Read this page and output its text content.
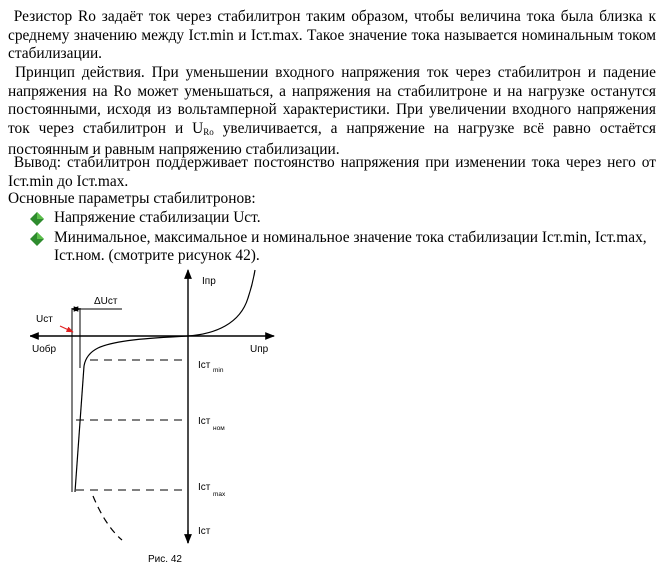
Резистор Ro задаёт ток через стабилитрон таким образом, чтобы величина тока была близка к среднему значению между Iст.min и Iст.max. Такое значение тока называется номинальным током стабилизации.

Принцип действия. При уменьшении входного напряжения ток через стабилитрон и падение напряжения на Ro может уменьшаться, а напряжения на стабилитроне и на нагрузке останутся постоянными, исходя из вольтамперной характеристики. При увеличении входного напряжения ток через стабилитрон и $U_{Ro}$ увеличивается, а напряжение на нагрузке всё равно остаётся постоянным и равным напряжению стабилизации.

Вывод: стабилитрон поддерживает постоянство напряжения при изменении тока через него от Iст.min до Iст.max.

Основные параметры стабилитронов:

Напряжение стабилизации Uст.
Минимальное, максимальное и номинальное значение тока стабилизации Iст.min, Iст.max, Iст.ном. (смотрите рисунок 42).
Iпр
Uпр
Uобр
Uст
ΔUст
Iст min
Iст
ном
Iст
max
Iст
Рис. 42
